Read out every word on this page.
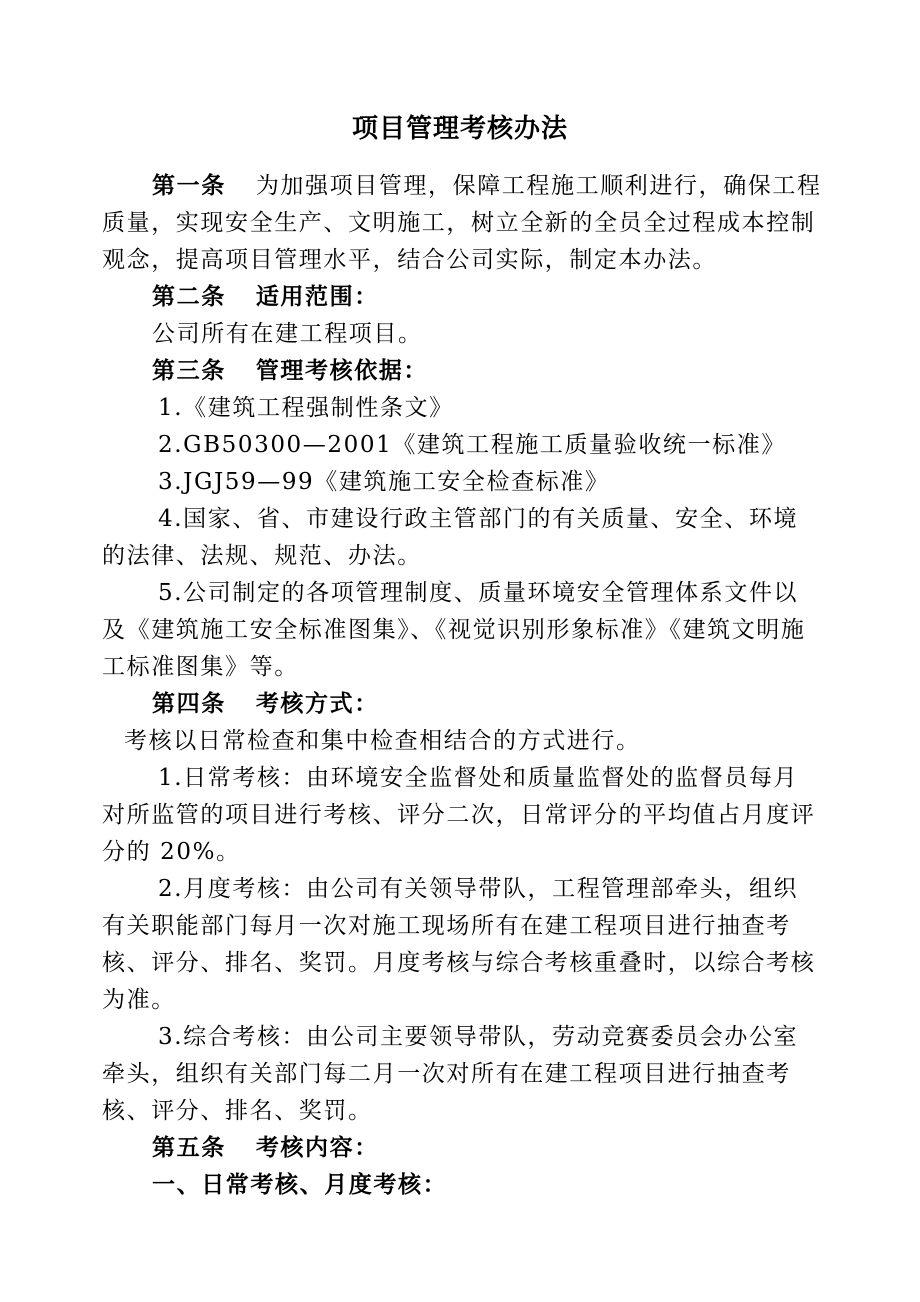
项目管理考核办法

第一条 为加强项目管理，保障工程施工顺利进行，确保工程质量，实现安全生产、文明施工，树立全新的全员全过程成本控制观念，提高项目管理水平，结合公司实际，制定本办法。

第二条 适用范围：

公司所有在建工程项目。

第三条 管理考核依据：

1.《建筑工程强制性条文》

2.GB50300—2001《建筑工程施工质量验收统一标准》

3.JGJ59—99《建筑施工安全检查标准》

4.国家、省、市建设行政主管部门的有关质量、安全、环境的法律、法规、规范、办法。

5.公司制定的各项管理制度、质量环境安全管理体系文件以及《建筑施工安全标准图集》、《视觉识别形象标准》《建筑文明施工标准图集》等。

第四条 考核方式：

考核以日常检查和集中检查相结合的方式进行。

1.日常考核：由环境安全监督处和质量监督处的监督员每月对所监管的项目进行考核、评分二次，日常评分的平均值占月度评分的 20%。

2.月度考核：由公司有关领导带队，工程管理部牵头，组织有关职能部门每月一次对施工现场所有在建工程项目进行抽查考核、评分、排名、奖罚。月度考核与综合考核重叠时，以综合考核为准。

3.综合考核：由公司主要领导带队，劳动竞赛委员会办公室牵头，组织有关部门每二月一次对所有在建工程项目进行抽查考核、评分、排名、奖罚。

第五条 考核内容：

一、日常考核、月度考核：
